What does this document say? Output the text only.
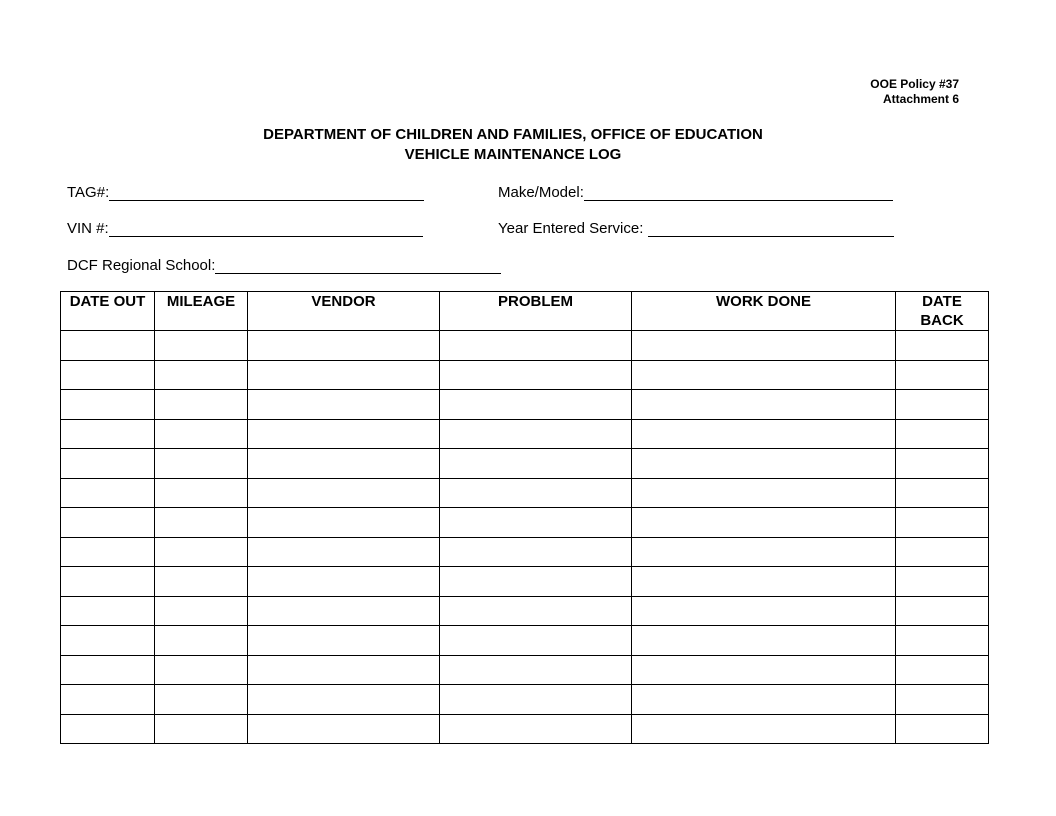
OOE Policy #37
Attachment 6
DEPARTMENT OF CHILDREN AND FAMILIES, OFFICE OF EDUCATION
VEHICLE MAINTENANCE LOG
TAG#:	Make/Model:
VIN #:	Year Entered Service:
DCF Regional School:
DATE OUT	MILEAGE	VENDOR	PROBLEM	WORK DONE	DATE BACK
